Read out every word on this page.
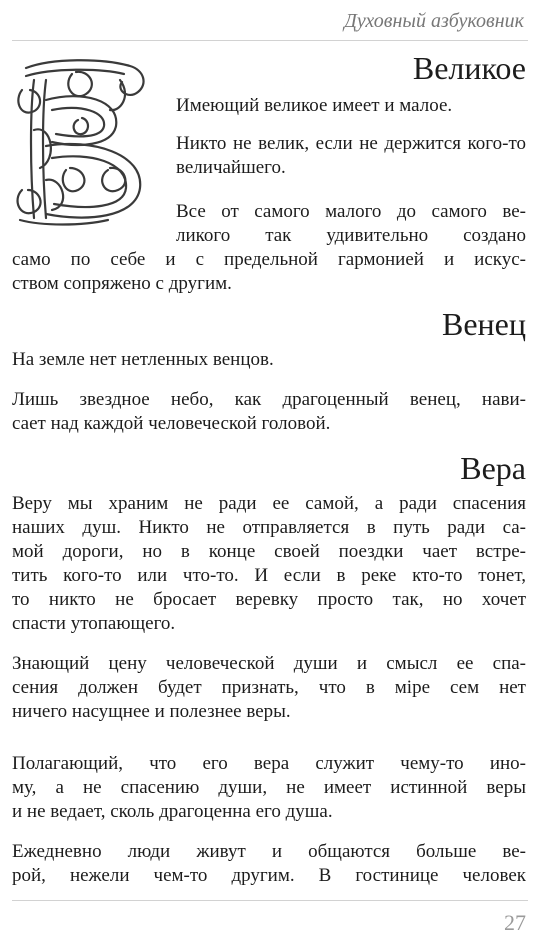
Духовный азбуковник
Великое

Имеющий великое имеет и малое.

Никто не велик, если не держится кого-то величайшего.

Все от самого малого до самого ве-

ликого так удивительно создано

само по себе и с предельной гармонией и искус-

ством сопряжено с другим.

Венец

На земле нет нетленных венцов.

Лишь звездное небо, как драгоценный венец, нави-

сает над каждой человеческой головой.

Вера

Веру мы храним не ради ее самой, а ради спасения

наших душ. Никто не отправляется в путь ради са-

мой дороги, но в конце своей поездки чает встре-

тить кого-то или что-то. И если в реке кто-то тонет,

то никто не бросает веревку просто так, но хочет

спасти утопающего.

Знающий цену человеческой души и смысл ее спа-

сения должен будет признать, что в міре сем нет

ничего насущнее и полезнее веры.

Полагающий, что его вера служит чему-то ино-

му, а не спасению души, не имеет истинной веры

и не ведает, сколь драгоценна его душа.

Ежедневно люди живут и общаются больше ве-

рой, нежели чем-то другим. В гостинице человек

27
